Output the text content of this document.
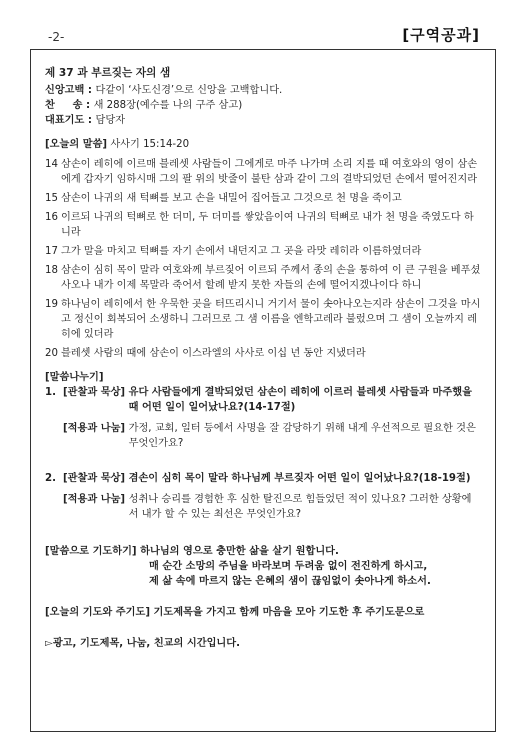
-2-	[구역공과]
제 37 과 부르짖는 자의 샘
신앙고백 : 다같이 ‘사도신경’으로 신앙을 고백합니다.
찬     송 : 새 288장(예수를 나의 구주 삼고)
대표기도 : 담당자
[오늘의 말씀] 사사기 15:14-20
14 삼손이 레히에 이르매 블레셋 사람들이 그에게로 마주 나가며 소리 지를 때 여호와의 영이 삼손에게 갑자기 임하시매 그의 팔 위의 밧줄이 불탄 삼과 같이 그의 결박되었던 손에서 떨어진지라
15 삼손이 나귀의 새 턱뼈를 보고 손을 내밀어 집어들고 그것으로 천 명을 죽이고
16 이르되 나귀의 턱뼈로 한 더미, 두 더미를 쌓았음이여 나귀의 턱뼈로 내가 천 명을 죽였도다 하니라
17 그가 말을 마치고 턱뼈를 자기 손에서 내던지고 그 곳을 라맛 레히라 이름하였더라
18 삼손이 심히 목이 말라 여호와께 부르짖어 이르되 주께서 종의 손을 통하여 이 큰 구원을 베푸셨사오나 내가 이제 목말라 죽어서 할례 받지 못한 자들의 손에 떨어지겠나이다 하니
19 하나님이 레히에서 한 우묵한 곳을 터뜨리시니 거기서 물이 솟아나오는지라 삼손이 그것을 마시고 정신이 회복되어 소생하니 그러므로 그 샘 이름을 엔학고레라 불렀으며 그 샘이 오늘까지 레히에 있더라
20 블레셋 사람의 때에 삼손이 이스라엘의 사사로 이십 년 동안 지냈더라
[말씀나누기]
1. [관찰과 묵상] 유다 사람들에게 결박되었던 삼손이 레히에 이르러 블레셋 사람들과 마주했을 때 어떤 일이 일어났나요?(14-17절)
[적용과 나눔] 가정, 교회, 일터 등에서 사명을 잘 감당하기 위해 내게 우선적으로 필요한 것은 무엇인가요?
2. [관찰과 묵상] 겸손이 심히 목이 말라 하나님께 부르짖자 어떤 일이 일어났나요?(18-19절)
[적용과 나눔] 성취나 승리를 경험한 후 심한 탈진으로 힘들었던 적이 있나요? 그러한 상황에서 내가 할 수 있는 최선은 무엇인가요?
[말씀으로 기도하기] 하나님의 영으로 충만한 삶을 살기 원합니다.
매 순간 소망의 주님을 바라보며 두려움 없이 전진하게 하시고,
제 삶 속에 마르지 않는 은혜의 샘이 끊임없이 솟아나게 하소서.
[오늘의 기도와 주기도] 기도제목을 가지고 함께 마음을 모아 기도한 후 주기도문으로
▻ 광고, 기도제목, 나눔, 친교의 시간입니다.
